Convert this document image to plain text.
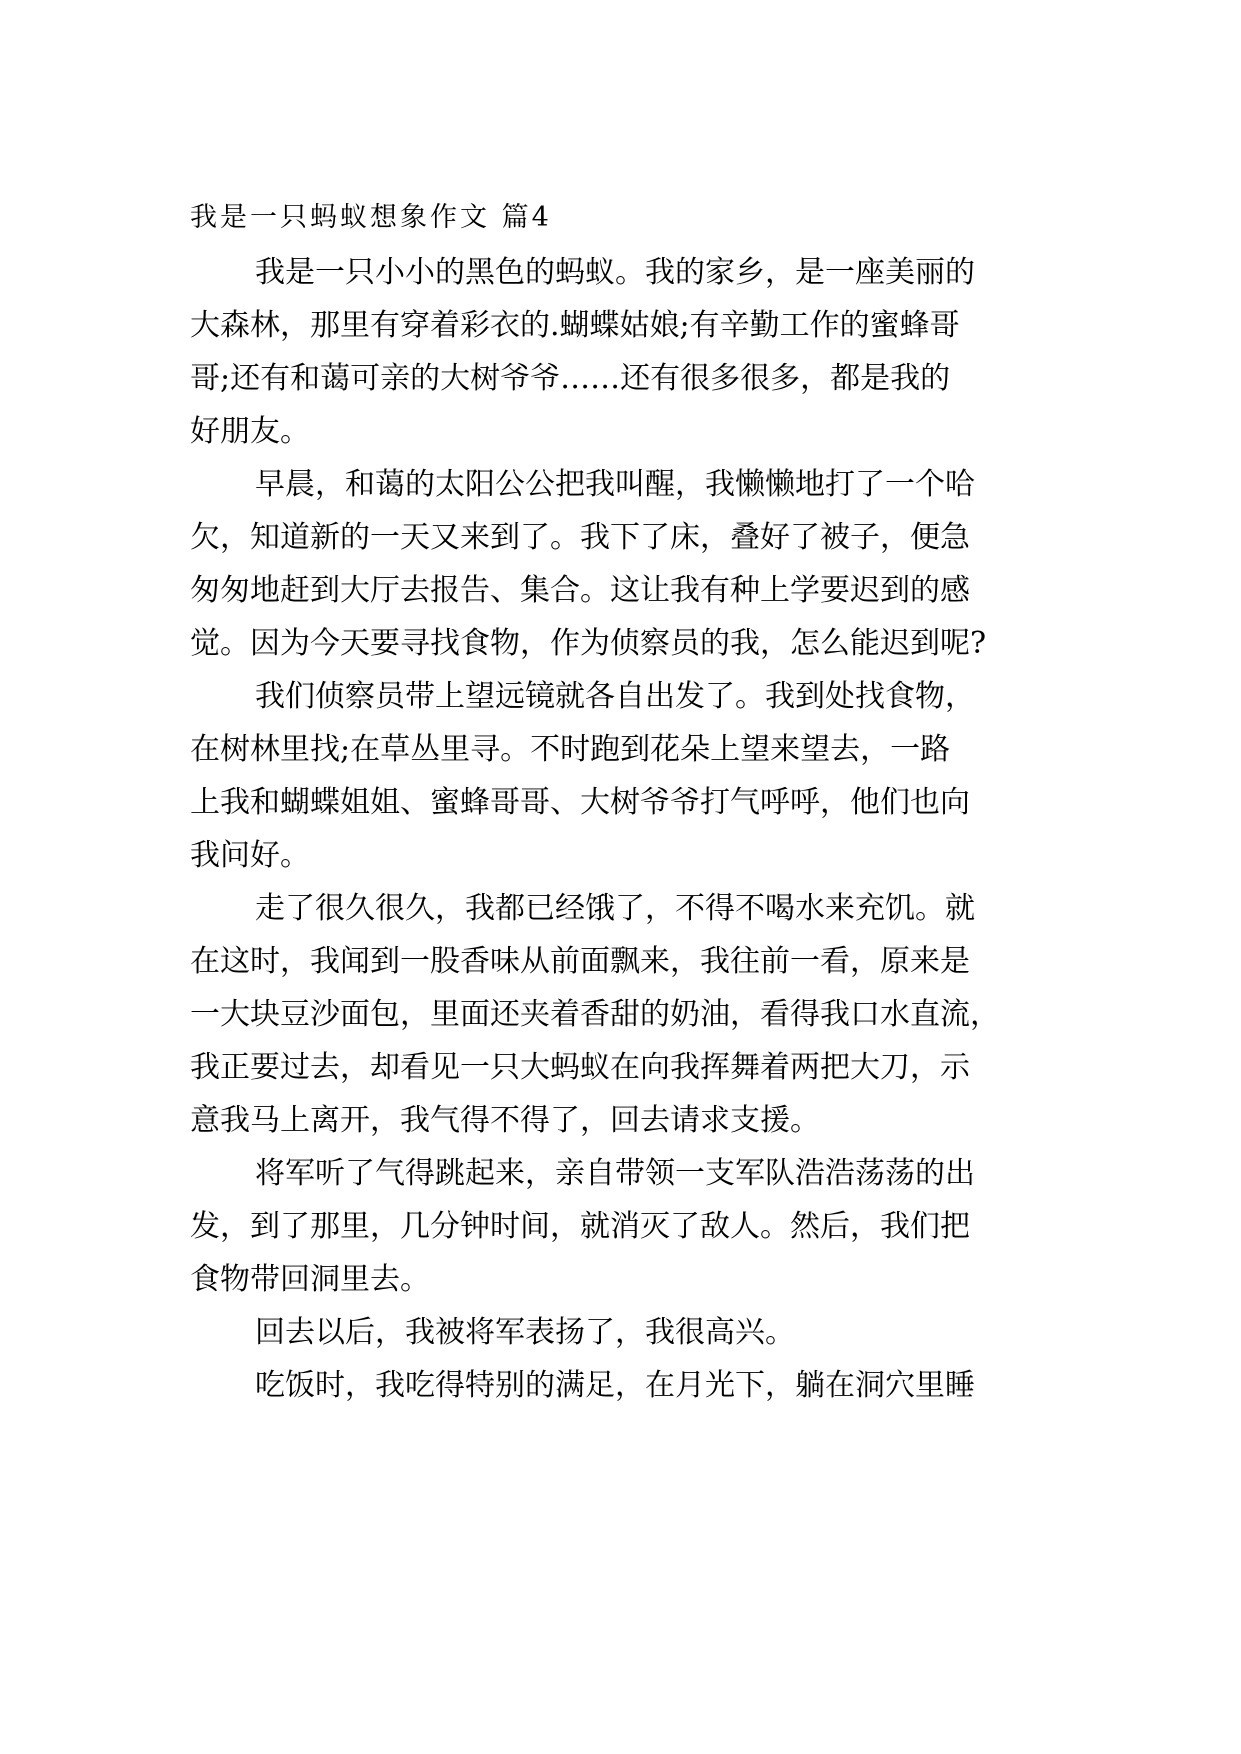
我是一只蚂蚁想象作文 篇4
我是一只小小的黑色的蚂蚁。我的家乡，是一座美丽的
大森林，那里有穿着彩衣的.蝴蝶姑娘;有辛勤工作的蜜蜂哥
哥;还有和蔼可亲的大树爷爷……还有很多很多，都是我的
好朋友。
早晨，和蔼的太阳公公把我叫醒，我懒懒地打了一个哈
欠，知道新的一天又来到了。我下了床，叠好了被子，便急
匆匆地赶到大厅去报告、集合。这让我有种上学要迟到的感
觉。因为今天要寻找食物，作为侦察员的我，怎么能迟到呢?
我们侦察员带上望远镜就各自出发了。我到处找食物，
在树林里找;在草丛里寻。不时跑到花朵上望来望去，一路
上我和蝴蝶姐姐、蜜蜂哥哥、大树爷爷打气呼呼，他们也向
我问好。
走了很久很久，我都已经饿了，不得不喝水来充饥。就
在这时，我闻到一股香味从前面飘来，我往前一看，原来是
一大块豆沙面包，里面还夹着香甜的奶油，看得我口水直流，
我正要过去，却看见一只大蚂蚁在向我挥舞着两把大刀，示
意我马上离开，我气得不得了，回去请求支援。
将军听了气得跳起来，亲自带领一支军队浩浩荡荡的出
发，到了那里，几分钟时间，就消灭了敌人。然后，我们把
食物带回洞里去。
回去以后，我被将军表扬了，我很高兴。
吃饭时，我吃得特别的满足，在月光下，躺在洞穴里睡
